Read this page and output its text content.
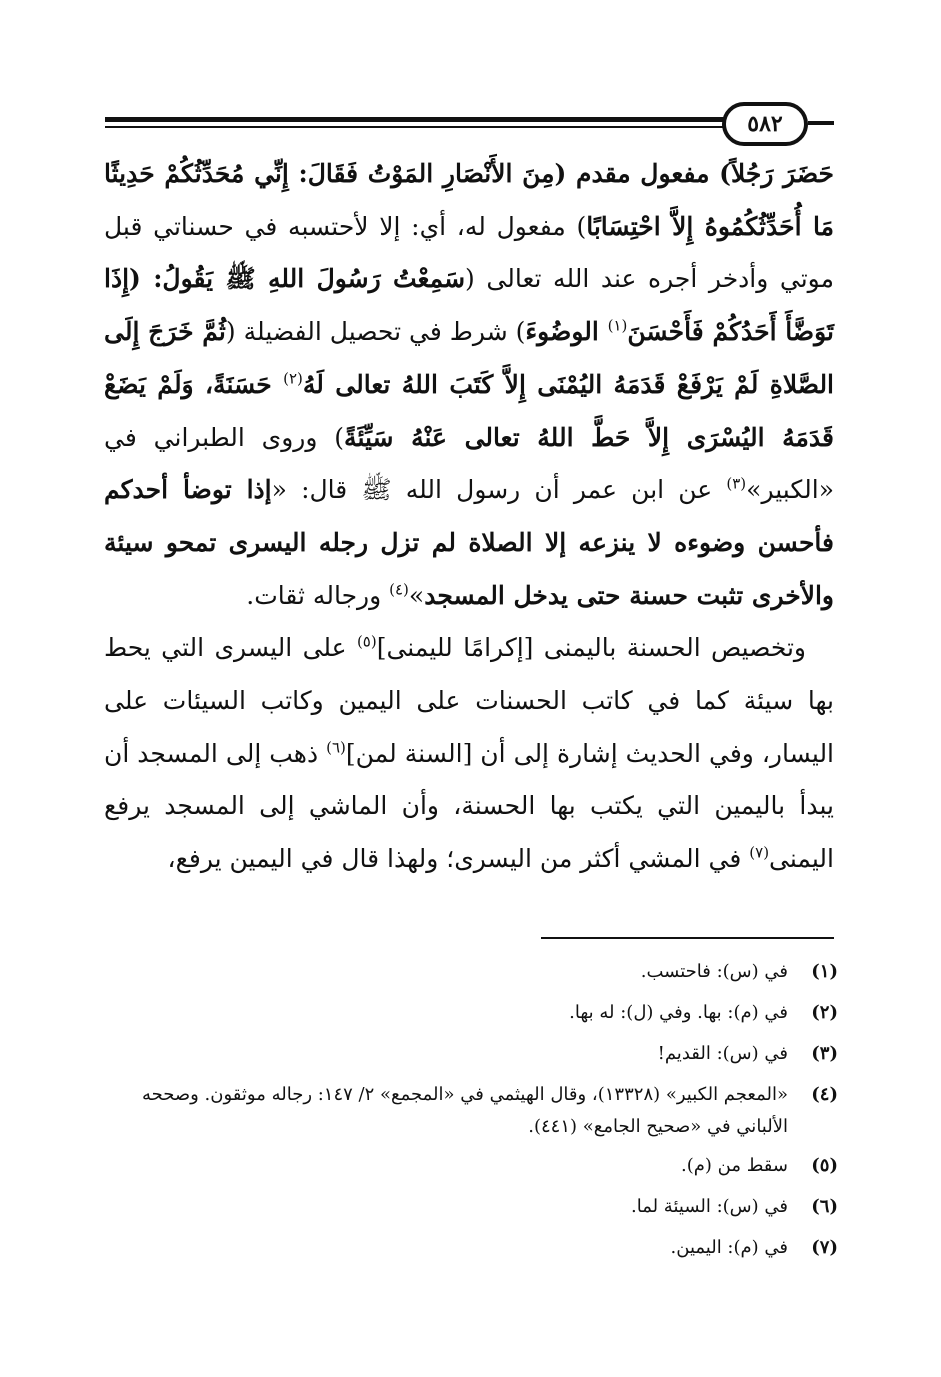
٥٨٢

حَضَرَ رَجُلاً) مفعول مقدم (مِنَ الأَنْصَارِ المَوْتُ فَقَالَ: إِنِّي مُحَدِّثُكُمْ حَدِيثًا مَا أُحَدِّثُكُمُوهُ إِلاَّ احْتِسَابًا) مفعول له، أي: إلا لأحتسبه في حسناتي قبل موتي وأدخر أجره عند الله تعالى (سَمِعْتُ رَسُولَ اللهِ ﷺ يَقُولُ: (إِذَا تَوَضَّأَ أَحَدُكُمْ فَأَحْسَنَ$^{(١)}$ الوضُوءَ) شرط في تحصيل الفضيلة (ثُمَّ خَرَجَ إِلَى الصَّلاةِ لَمْ يَرْفَعْ قَدَمَهُ اليُمْنَى إِلاَّ كَتَبَ اللهُ تعالى لَهُ$^{(٢)}$ حَسَنَةً، وَلَمْ يَضَعْ قَدَمَهُ اليُسْرَى إِلاَّ حَطَّ اللهُ تعالى عَنْهُ سَيِّئَةً) وروى الطبراني في «الكبير»$^{(٣)}$ عن ابن عمر أن رسول الله ﷺ قال: «إذا توضأ أحدكم فأحسن وضوءه لا ينزعه إلا الصلاة لم تزل رجله اليسرى تمحو سيئة والأخرى تثبت حسنة حتى يدخل المسجد»$^{(٤)}$ ورجاله ثقات.

وتخصيص الحسنة باليمنى [إكرامًا لليمنى]$^{(٥)}$ على اليسرى التي يحط بها سيئة كما في كاتب الحسنات على اليمين وكاتب السيئات على اليسار، وفي الحديث إشارة إلى أن [السنة لمن]$^{(٦)}$ ذهب إلى المسجد أن يبدأ باليمين التي يكتب بها الحسنة، وأن الماشي إلى المسجد يرفع اليمنى$^{(٧)}$ في المشي أكثر من اليسرى؛ ولهذا قال في اليمين يرفع،

(١)
في (س): فاحتسب.
(٢)
في (م): بها. وفي (ل): له بها.
(٣)
في (س): القديم!
(٤)
«المعجم الكبير» (١٣٣٢٨)، وقال الهيثمي في «المجمع» ٢/ ١٤٧: رجاله موثقون. وصححه الألباني في «صحيح الجامع» (٤٤١).
(٥)
سقط من (م).
(٦)
في (س): السيئة لما.
(٧)
في (م): اليمين.
